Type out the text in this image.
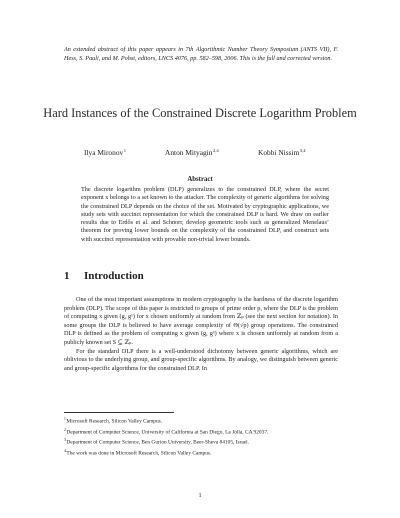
An extended abstract of this paper appears in 7th Algorithmic Number Theory Symposium (ANTS VII), F. Hess, S. Pauli, and M. Pohst, editors, LNCS 4076, pp. 582–598, 2006. This is the full and corrected version.
Hard Instances of the Constrained Discrete Logarithm Problem
Ilya Mironov$^1$	Anton Mityagin$^{2,4}$	Kobbi Nissim$^{3,4}$
Abstract
The discrete logarithm problem (DLP) generalizes to the constrained DLP, where the secret exponent x belongs to a set known to the attacker. The complexity of generic algorithms for solving the constrained DLP depends on the choice of the set. Motivated by cryptographic applications, we study sets with succinct representation for which the constrained DLP is hard. We draw on earlier results due to Erdős et al. and Schnorr, develop geometric tools such as generalized Menelaus’ theorem for proving lower bounds on the complexity of the constrained DLP, and construct sets with succinct representation with provable non-trivial lower bounds.
1 Introduction

One of the most important assumptions in modern cryptography is the hardness of the discrete logarithm problem (DLP). The scope of this paper is restricted to groups of prime order p, where the DLP is the problem of computing x given (g, gˣ) for x chosen uniformly at random from ℤₚ (see the next section for notation). In some groups the DLP is believed to have average complexity of Θ(√p) group operations. The constrained DLP is defined as the problem of computing x given (g, gˣ) where x is chosen uniformly at random from a publicly known set S ⊆ ℤₚ.

For the standard DLP there is a well-understood dichotomy between generic algorithms, which are oblivious to the underlying group, and group-specific algorithms. By analogy, we distinguish between generic and group-specific algorithms for the constrained DLP. In

$^1$Microsoft Research, Silicon Valley Campus.
$^2$Department of Computer Science, University of California at San Diego, La Jolla, CA 92037.
$^3$Department of Computer Science, Ben Gurion University, Beer-Sheva 84105, Israel.
$^4$The work was done in Microsoft Research, Silicon Valley Campus.
1
